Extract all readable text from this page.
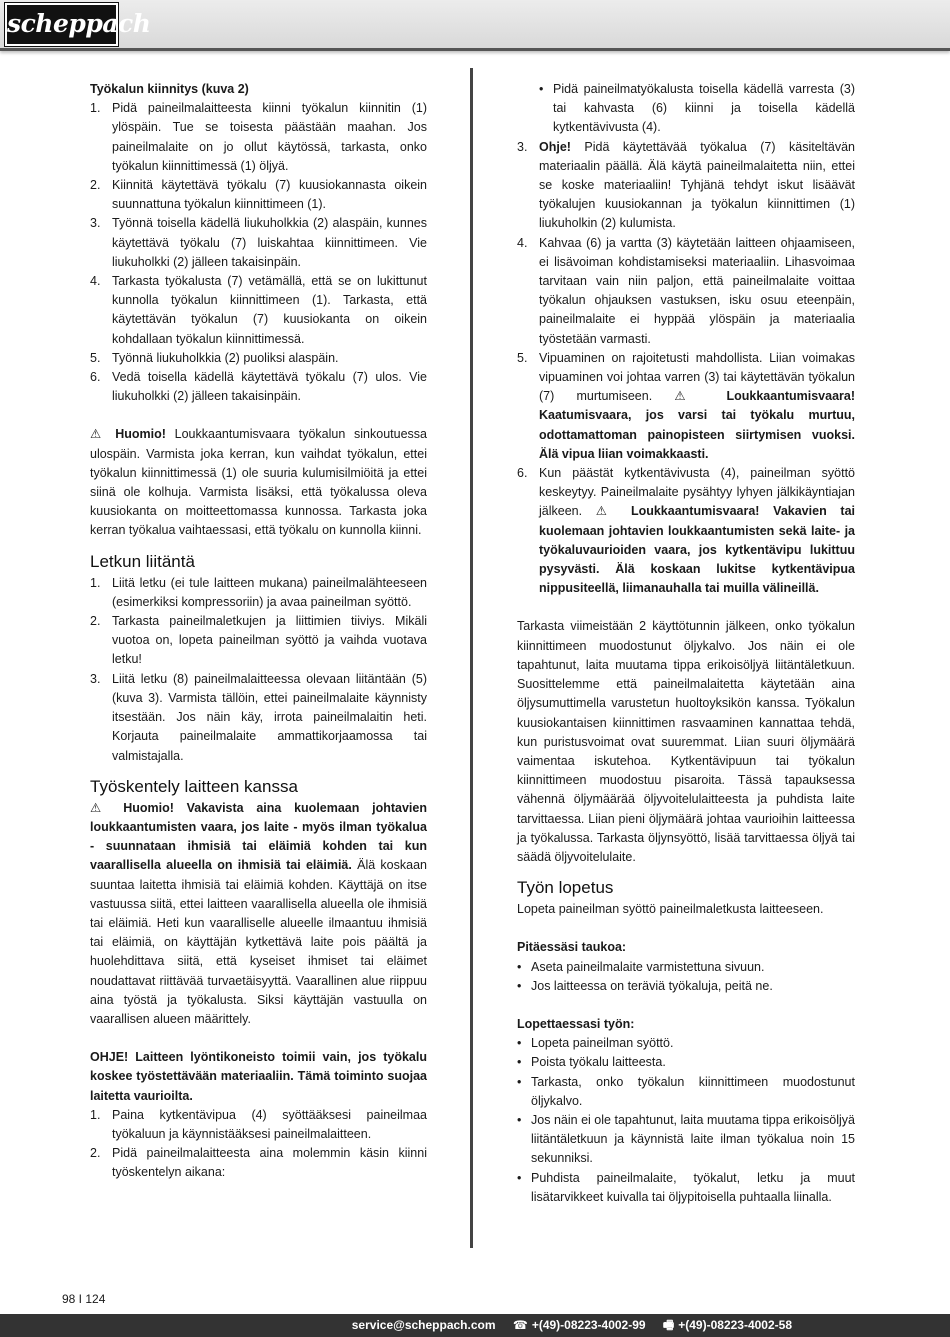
scheppach
Työkalun kiinnitys (kuva 2)
1. Pidä paineilmalaitteesta kiinni työkalun kiinnitin (1) ylöspäin. Tue se toisesta päästään maahan. Jos paineilmalaite on jo ollut käytössä, tarkasta, onko työkalun kiinnittimessä (1) öljyä.
2. Kiinnitä käytettävä työkalu (7) kuusiokannasta oikein suunnattuna työkalun kiinnittimeen (1).
3. Työnnä toisella kädellä liukuholkkia (2) alaspäin, kunnes käytettävä työkalu (7) luiskahtaa kiinnittimeen. Vie liukuholkki (2) jälleen takaisinpäin.
4. Tarkasta työkalusta (7) vetämällä, että se on lukittunut kunnolla työkalun kiinnittimeen (1). Tarkasta, että käytettävän työkalun (7) kuusiokanta on oikein kohdallaan työkalun kiinnittimessä.
5. Työnnä liukuholkkia (2) puoliksi alaspäin.
6. Vedä toisella kädellä käytettävä työkalu (7) ulos. Vie liukuholkki (2) jälleen takaisinpäin.

⚠ Huomio! Loukkaantumisvaara työkalun sinkoutuessa ulospäin. Varmista joka kerran, kun vaihdat työkalun, ettei työkalun kiinnittimessä (1) ole suuria kulumisilmiöitä ja ettei siinä ole kolhuja. Varmista lisäksi, että työkalussa oleva kuusiokanta on moitteettomassa kunnossa. Tarkasta joka kerran työkalua vaihtaessasi, että työkalu on kunnolla kiinni.

Letkun liitäntä
1. Liitä letku (ei tule laitteen mukana) paineilmalähteeseen (esimerkiksi kompressoriin) ja avaa paineilman syöttö.
2. Tarkasta paineilmaletkujen ja liittimien tiiviys. Mikäli vuotoa on, lopeta paineilman syöttö ja vaihda vuotava letku!
3. Liitä letku (8) paineilmalaitteessa olevaan liitäntään (5) (kuva 3). Varmista tällöin, ettei paineilmalaite käynnisty itsestään. Jos näin käy, irrota paineilmalaitin heti. Korjauta paineilmalaite ammattikorjaamossa tai valmistajalla.
Työskentely laitteen kanssa

⚠ Huomio! Vakavista aina kuolemaan johtavien loukkaantumisten vaara, jos laite - myös ilman työkalua - suunnataan ihmisiä tai eläimiä kohden tai kun vaarallisella alueella on ihmisiä tai eläimiä. Älä koskaan suuntaa laitetta ihmisiä tai eläimiä kohden. Käyttäjä on itse vastuussa siitä, ettei laitteen vaarallisella alueella ole ihmisiä tai eläimiä. Heti kun vaaralliselle alueelle ilmaantuu ihmisiä tai eläimiä, on käyttäjän kytkettävä laite pois päältä ja huolehdittava siitä, että kyseiset ihmiset tai eläimet noudattavat riittävää turvaetäisyyttä. Vaarallinen alue riippuu aina työstä ja työkalusta. Siksi käyttäjän vastuulla on vaarallisen alueen määrittely.

OHJE! Laitteen lyöntikoneisto toimii vain, jos työkalu koskee työstettävään materiaaliin. Tämä toiminto suojaa laitetta vaurioilta.

1. Paina kytkentävipua (4) syöttääksesi paineilmaa työkaluun ja käynnistääksesi paineilmalaitteen.
2. Pidä paineilmalaitteesta aina molemmin käsin kiinni työskentelyn aikana:
• Pidä paineilmatyökalusta toisella kädellä varresta (3) tai kahvasta (6) kiinni ja toisella kädellä kytkentävivusta (4).
3. Ohje! Pidä käytettävää työkalua (7) käsiteltävän materiaalin päällä. Älä käytä paineilmalaitetta niin, ettei se koske materiaaliin! Tyhjänä tehdyt iskut lisäävät työkalujen kuusiokannan ja työkalun kiinnittimen (1) liukuholkin (2) kulumista.
4. Kahvaa (6) ja vartta (3) käytetään laitteen ohjaamiseen, ei lisävoiman kohdistamiseksi materiaaliin. Lihasvoimaa tarvitaan vain niin paljon, että paineilmalaite voittaa työkalun ohjauksen vastuksen, isku osuu eteenpäin, paineilmalaite ei hyppää ylöspäin ja materiaalia työstetään varmasti.
5. Vipuaminen on rajoitetusti mahdollista. Liian voimakas vipuaminen voi johtaa varren (3) tai käytettävän työkalun (7) murtumiseen. ⚠ Loukkaantumisvaara! Kaatumisvaara, jos varsi tai työkalu murtuu, odottamattoman painopisteen siirtymisen vuoksi. Älä vipua liian voimakkaasti.
6. Kun päästät kytkentävivusta (4), paineilman syöttö keskeytyy. Paineilmalaite pysähtyy lyhyen jälkikäyntiajan jälkeen. ⚠ Loukkaantumisvaara! Vakavien tai kuolemaan johtavien loukkaantumisten sekä laite- ja työkaluvaurioiden vaara, jos kytkentävipu lukittuu pysyvästi. Älä koskaan lukitse kytkentävipua nippusiteellä, liimanauhalla tai muilla välineillä.

Tarkasta viimeistään 2 käyttötunnin jälkeen, onko työkalun kiinnittimeen muodostunut öljykalvo. Jos näin ei ole tapahtunut, laita muutama tippa erikoisöljyä liitäntäletkuun. Suosittelemme että paineilmalaitetta käytetään aina öljysumuttimella varustetun huoltoyksikön kanssa. Työkalun kuusiokantaisen kiinnittimen rasvaaminen kannattaa tehdä, kun puristusvoimat ovat suuremmat. Liian suuri öljymäärä vaimentaa iskutehoa. Kytkentävipuun tai työkalun kiinnittimeen muodostuu pisaroita. Tässä tapauksessa vähennä öljymäärää öljyvoitelulaitteesta ja puhdista laite tarvittaessa. Liian pieni öljymäärä johtaa vaurioihin laitteessa ja työkalussa. Tarkasta öljynsyöttö, lisää tarvittaessa öljyä tai säädä öljyvoitelulaite.

Työn lopetus

Lopeta paineilman syöttö paineilmaletkusta laitteeseen.

Pitäessäsi taukoa:
• Aseta paineilmalaite varmistettuna sivuun.
• Jos laitteessa on teräviä työkaluja, peitä ne.
Lopettaessasi työn:
• Lopeta paineilman syöttö.
• Poista työkalu laitteesta.
• Tarkasta, onko työkalun kiinnittimeen muodostunut öljykalvo.
• Jos näin ei ole tapahtunut, laita muutama tippa erikoisöljyä liitäntäletkuun ja käynnistä laite ilman työkalua noin 15 sekunniksi.
• Puhdista paineilmalaite, työkalut, letku ja muut lisätarvikkeet kuivalla tai öljypitoisella puhtaalla liinalla.
98 I 124
service@scheppach.com ☎ +(49)-08223-4002-99 🖷 +(49)-08223-4002-58
